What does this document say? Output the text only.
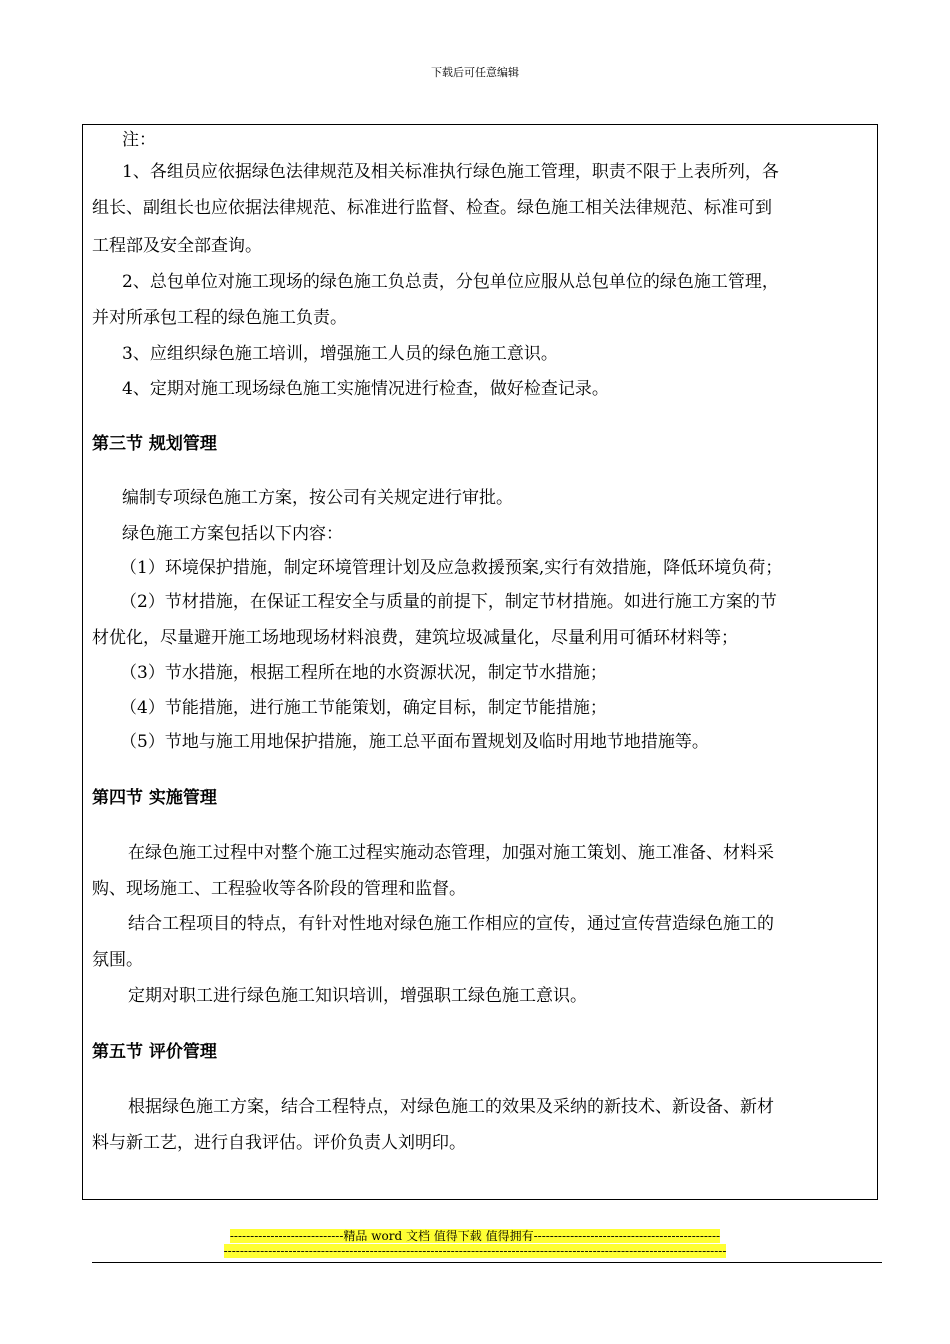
下载后可任意编辑
注：
1、各组员应依据绿色法律规范及相关标准执行绿色施工管理，职责不限于上表所列，各
组长、副组长也应依据法律规范、标准进行监督、检查。绿色施工相关法律规范、标准可到
工程部及安全部查询。
2、总包单位对施工现场的绿色施工负总责，分包单位应服从总包单位的绿色施工管理，
并对所承包工程的绿色施工负责。
3、应组织绿色施工培训，增强施工人员的绿色施工意识。
4、定期对施工现场绿色施工实施情况进行检查，做好检查记录。
第三节 规划管理
编制专项绿色施工方案，按公司有关规定进行审批。
绿色施工方案包括以下内容：
（1）环境保护措施，制定环境管理计划及应急救援预案,实行有效措施，降低环境负荷；
（2）节材措施，在保证工程安全与质量的前提下，制定节材措施。如进行施工方案的节
材优化，尽量避开施工场地现场材料浪费，建筑垃圾减量化，尽量利用可循环材料等；
（3）节水措施，根据工程所在地的水资源状况，制定节水措施；
（4）节能措施，进行施工节能策划，确定目标，制定节能措施；
（5）节地与施工用地保护措施，施工总平面布置规划及临时用地节地措施等。
第四节 实施管理
在绿色施工过程中对整个施工过程实施动态管理，加强对施工策划、施工准备、材料采
购、现场施工、工程验收等各阶段的管理和监督。
结合工程项目的特点，有针对性地对绿色施工作相应的宣传，通过宣传营造绿色施工的
氛围。
定期对职工进行绿色施工知识培训，增强职工绿色施工意识。
第五节 评价管理
根据绿色施工方案，结合工程特点，对绿色施工的效果及采纳的新技术、新设备、新材
料与新工艺，进行自我评估。评价负责人刘明印。
----------------------------精品 word 文档 值得下载 值得拥有----------------------------------------------
----------------------------------------------------------------------------------------------------------------------------
